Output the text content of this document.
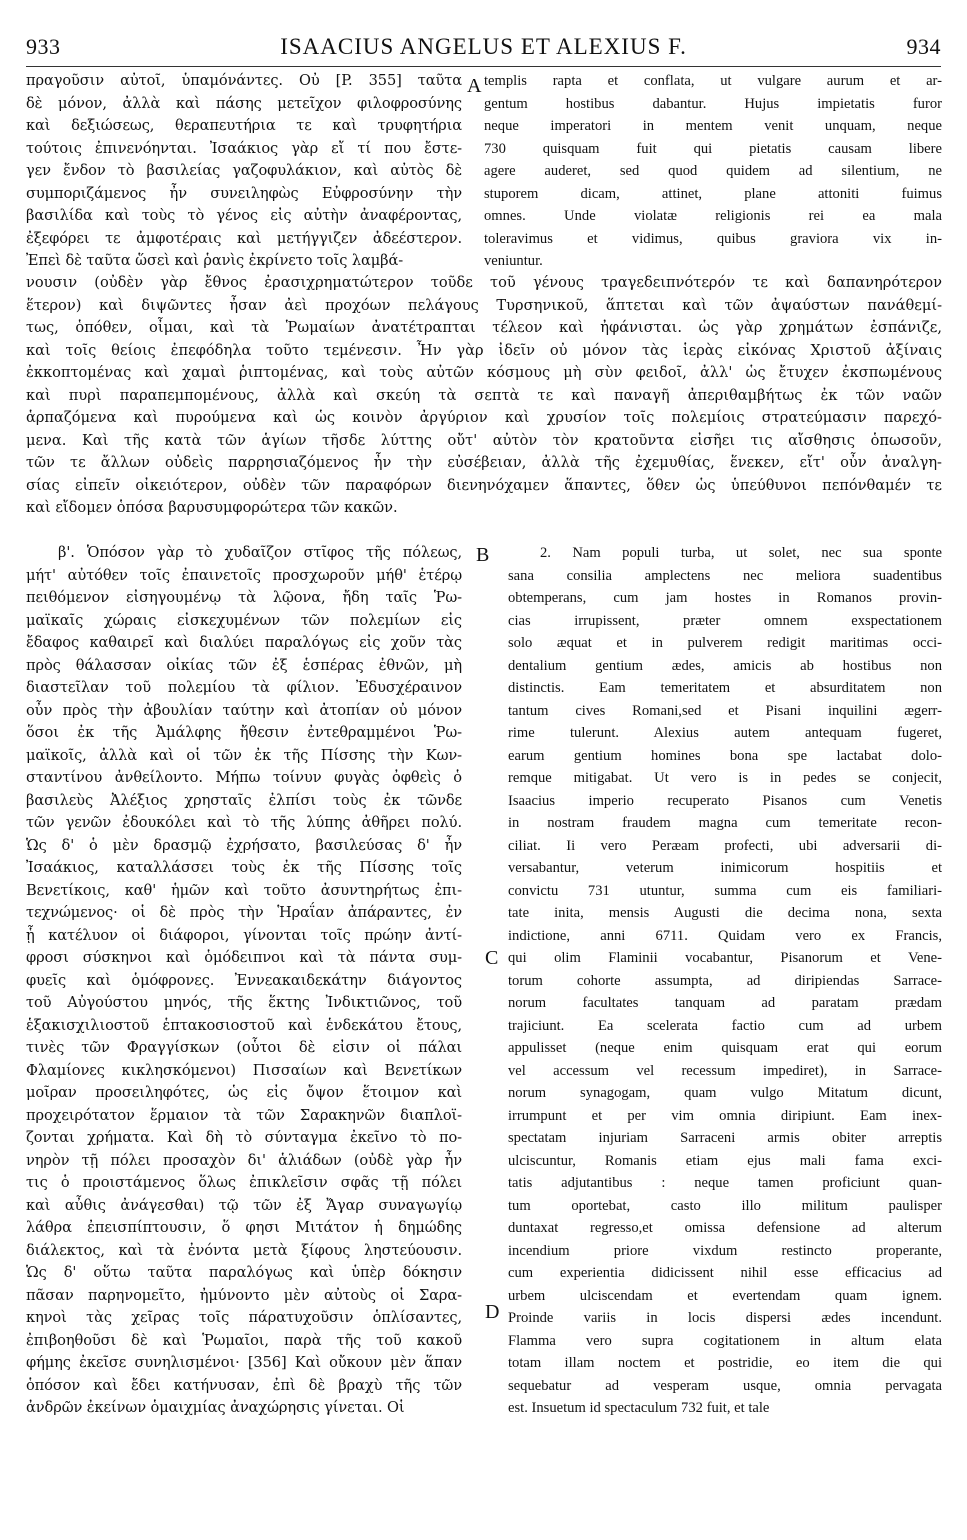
933	ISAACIUS ANGELUS ET ALEXIUS F.	934
πραγοῦσιν αὐτοῖ, ὑπαμόνάντες. Οὐ [P. 355] ταῦτα
δὲ μόνον, ἀλλὰ καὶ πάσης μετεῖχον φιλοφροσύνης
καὶ δεξιώσεως, θεραπευτήρια τε καὶ τρυφητήρια
τούτοις ἐπινενόηνται. Ἰσαάκιος γὰρ εἴ τί που ἔστε-
γεν ἔνδον τὸ βασιλείας γαζοφυλάκιον, καὶ αὐτὸς δὲ
συμποριζάμενος ἦν συνειληφὼς Εὐφροσύνην τὴν
βασιλίδα καὶ τοὺς τὸ γένος εἰς αὐτὴν ἀναφέροντας,
ἐξεφόρει τε ἀμφοτέραις καὶ μετήγγιζεν ἀδεέστερον.
Ἐπεὶ δὲ ταῦτα ὥσεὶ καὶ ῥανὶς ἐκρίνετο τοῖς λαμβά-
templis rapta et conflata, ut vulgare aurum et ar-
gentum hostibus dabantur. Hujus impietatis furor
neque imperatori in mentem venit unquam, neque
730 quisquam fuit qui pietatis causam libere
agere auderet, sed quod quidem ad silentium, ne
stuporem dicam, attinet, plane attoniti fuimus
omnes. Unde violatæ religionis rei ea mala
toleravimus et vidimus, quibus graviora vix in-
veniuntur.
νουσιν (οὐδὲν γὰρ ἔθνος ἐρασιχρηματώτερον τοῦδε τοῦ γένους τραγεδειπνότερόν τε καὶ δαπανηρότερον
ἕτερον) καὶ διψῶντες ἦσαν ἀεὶ προχόων πελάγους Τυρσηνικοῦ, ἅπτεται καὶ τῶν ἀψαύστων πανάθεμί-
τως, ὁπόθεν, οἶμαι, καὶ τὰ Ῥωμαίων ἀνατέτραπται τέλεον καὶ ἠφάνισται. ὡς γὰρ χρημάτων ἐσπάνιζε,
καὶ τοῖς θείοις ἐπεφόδηλα τοῦτο τεμένεσιν. Ἦν γὰρ ἰδεῖν οὐ μόνον τὰς ἱερὰς εἰκόνας Χριστοῦ ἀξίναις
ἐκκοπτομένας καὶ χαμαὶ ῥιπτομένας, καὶ τοὺς αὐτῶν κόσμους μὴ σὺν φειδοῖ, ἀλλ' ὡς ἔτυχεν ἐκσπωμένους
καὶ πυρὶ παραπεμπομένους, ἀλλὰ καὶ σκεύη τὰ σεπτὰ τε καὶ παναγῆ ἀπεριθαμβήτως ἐκ τῶν ναῶν
ἁρπαζόμενα καὶ πυρούμενα καὶ ὡς κοινὸν ἀργύριον καὶ χρυσίον τοῖς πολεμίοις στρατεύμασιν παρεχό-
μενα. Καὶ τῆς κατὰ τῶν ἁγίων τῆσδε λύττης οὔτ' αὐτὸν τὸν κρατοῦντα εἰσῆει τις αἴσθησις ὁπωσοῦν,
τῶν τε ἄλλων οὐδεὶς παρρησιαζόμενος ἦν τὴν εὐσέβειαν, ἀλλὰ τῆς ἐχεμυθίας, ἕνεκεν, εἴτ' οὖν ἀναλγη-
σίας εἰπεῖν οἰκειότερον, οὐδὲν τῶν παραφόρων διενηνόχαμεν ἅπαντες, ὅθεν ὡς ὑπεύθυνοι πεπόνθαμέν τε
καὶ εἴδομεν ὁπόσα βαρυσυμφορώτερα τῶν κακῶν.
β'. Ὁπόσον γὰρ τὸ χυδαῖζον στῖφος τῆς πόλεως,
μήτ' αὐτόθεν τοῖς ἐπαινετοῖς προσχωροῦν μήθ' ἑτέρῳ
πειθόμενον εἰσηγουμένῳ τὰ λῷονα, ἤδη ταῖς Ῥω-
μαϊκαῖς χώραις εἰσκεχυμένων τῶν πολεμίων εἰς
ἔδαφος καθαιρεῖ καὶ διαλύει παραλόγως εἰς χοῦν τὰς
πρὸς θάλασσαν οἰκίας τῶν ἐξ ἑσπέρας ἐθνῶν, μὴ
διαστεῖλαν τοῦ πολεμίου τὰ φίλιον. Ἐδυσχέραινον
οὖν πρὸς τὴν ἀβουλίαν ταύτην καὶ ἀτοπίαν οὐ μόνον
ὅσοι ἐκ τῆς Ἀμάλφης ἤθεσιν ἐντεθραμμένοι Ῥω-
μαϊκοῖς, ἀλλὰ καὶ οἱ τῶν ἐκ τῆς Πίσσης τὴν Κων-
σταντίνου ἀνθείλοντο. Μήπω τοίνυν φυγὰς ὀφθεὶς ὁ
βασιλεὺς Ἀλέξιος χρησταῖς ἐλπίσι τοὺς ἐκ τῶνδε
τῶν γενῶν ἐδουκόλει καὶ τὸ τῆς λύπης ἀθῆρει πολύ.
Ὡς δ' ὁ μὲν δρασμῷ ἐχρήσατο, βασιλεύσας δ' ἦν
Ἰσαάκιος, καταλλάσσει τοὺς ἐκ τῆς Πίσσης τοῖς
Βενετίκοις, καθ' ἡμῶν καὶ τοῦτο ἀσυντηρήτως ἐπι-
τεχνώμενος· οἱ δὲ πρὸς τὴν Ἡραΐαν ἀπάραντες, ἐν
ᾗ κατέλυον οἱ διάφοροι, γίνονται τοῖς πρώην ἀντί-
φροσι σύσκηνοι καὶ ὁμόδειπνοι καὶ τὰ πάντα συμ-
φυεῖς καὶ ὁμόφρονες. Ἐννεακαιδεκάτην διάγοντος
τοῦ Αὐγούστου μηνός, τῆς ἕκτης Ἰνδικτιῶνος, τοῦ
ἑξακισχιλιοστοῦ ἑπτακοσιοστοῦ καὶ ἑνδεκάτου ἔτους,
τινὲς τῶν Φραγγίσκων (οὗτοι δὲ εἰσιν οἱ πάλαι
Φλαμίονες κικλησκόμενοι) Πισσαίων καὶ Βενετίκων
μοῖραν προσειληφότες, ὡς εἰς ὄψον ἕτοιμον καὶ
προχειρότατον ἕρμαιον τὰ τῶν Σαρακηνῶν διαπλοϊ-
ζονται χρήματα. Καὶ δὴ τὸ σύνταγμα ἐκεῖνο τὸ πο-
νηρὸν τῇ πόλει προσαχὸν δι' ἁλιάδων (οὐδὲ γὰρ ἦν
τις ὁ προιστάμενος ὅλως ἐπικλεῖσιν σφᾶς τῇ πόλει
καὶ αὖθις ἀνάγεσθαι) τῷ τῶν ἐξ Ἄγαρ συναγωγίῳ
λάθρα ἐπεισπίπτουσιν, ὅ φησι Μιτάτον ἡ δημώδης
διάλεκτος, καὶ τὰ ἐνόντα μετὰ ξίφους ληστεύουσιν.
Ὡς δ' οὕτω ταῦτα παραλόγως καὶ ὑπὲρ δόκησιν
πᾶσαν παρηνομεῖτο, ἠμύνοντο μὲν αὐτοὺς οἱ Σαρα-
κηνοὶ τὰς χεῖρας τοῖς πάρατυχοῦσιν ὁπλίσαντες,
ἐπιβοηθοῦσι δὲ καὶ Ῥωμαῖοι, παρὰ τῆς τοῦ κακοῦ
φήμης ἐκεῖσε συνηλισμένοι· [356] Καὶ οὔκουν μὲν ἅπαν
ὁπόσον καὶ ἔδει κατήνυσαν, ἐπὶ δὲ βραχὺ τῆς τῶν
ἀνδρῶν ἐκείνων ὁμαιχμίας ἀναχώρησις γίνεται. Οἱ
2. Nam populi turba, ut solet, nec sua sponte
sana consilia amplectens nec meliora suadentibus
obtemperans, cum jam hostes in Romanos provin-
cias irrupissent, præter omnem exspectationem
solo æquat et in pulverem redigit maritimas occi-
dentalium gentium ædes, amicis ab hostibus non
distinctis. Eam temeritatem et absurditatem non
tantum cives Romani,sed et Pisani inquilini ægerr-
rime tulerunt. Alexius autem antequam fugeret,
earum gentium homines bona spe lactabat dolo-
remque mitigabat. Ut vero is in pedes se conjecit,
Isaacius imperio recuperato Pisanos cum Venetis
in nostram fraudem magna cum temeritate recon-
ciliat. Ii vero Peræam profecti, ubi adversarii di-
versabantur, veterum inimicorum hospitiis et
convictu 731 utuntur, summa cum eis familiari-
tate inita, mensis Augusti die decima nona, sexta
indictione, anni 6711. Quidam vero ex Francis,
qui olim Flaminii vocabantur, Pisanorum et Vene-
torum cohorte assumpta, ad diripiendas Sarrace-
norum facultates tanquam ad paratam prædam
trajiciunt. Ea scelerata factio cum ad urbem
appulisset (neque enim quisquam erat qui eorum
vel accessum vel recessum impediret), in Sarrace-
norum synagogam, quam vulgo Mitatum dicunt,
irrumpunt et per vim omnia diripiunt. Eam inex-
spectatam injuriam Sarraceni armis obiter arreptis
ulciscuntur, Romanis etiam ejus mali fama exci-
tatis adjutantibus : neque tamen proficiunt quan-
tum oportebat, casto illo militum paulisper
duntaxat regresso,et omissa defensione ad alterum
incendium priore vixdum restincto properante,
cum experientia didicissent nihil esse efficacius ad
urbem ulciscendam et evertendam quam ignem.
Proinde variis in locis dispersi ædes incendunt.
Flamma vero supra cogitationem in altum elata
totam illam noctem et postridie, eo item die qui
sequebatur ad vesperam usque, omnia pervagata
est. Insuetum id spectaculum 732 fuit, et tale
A
B
C
D
